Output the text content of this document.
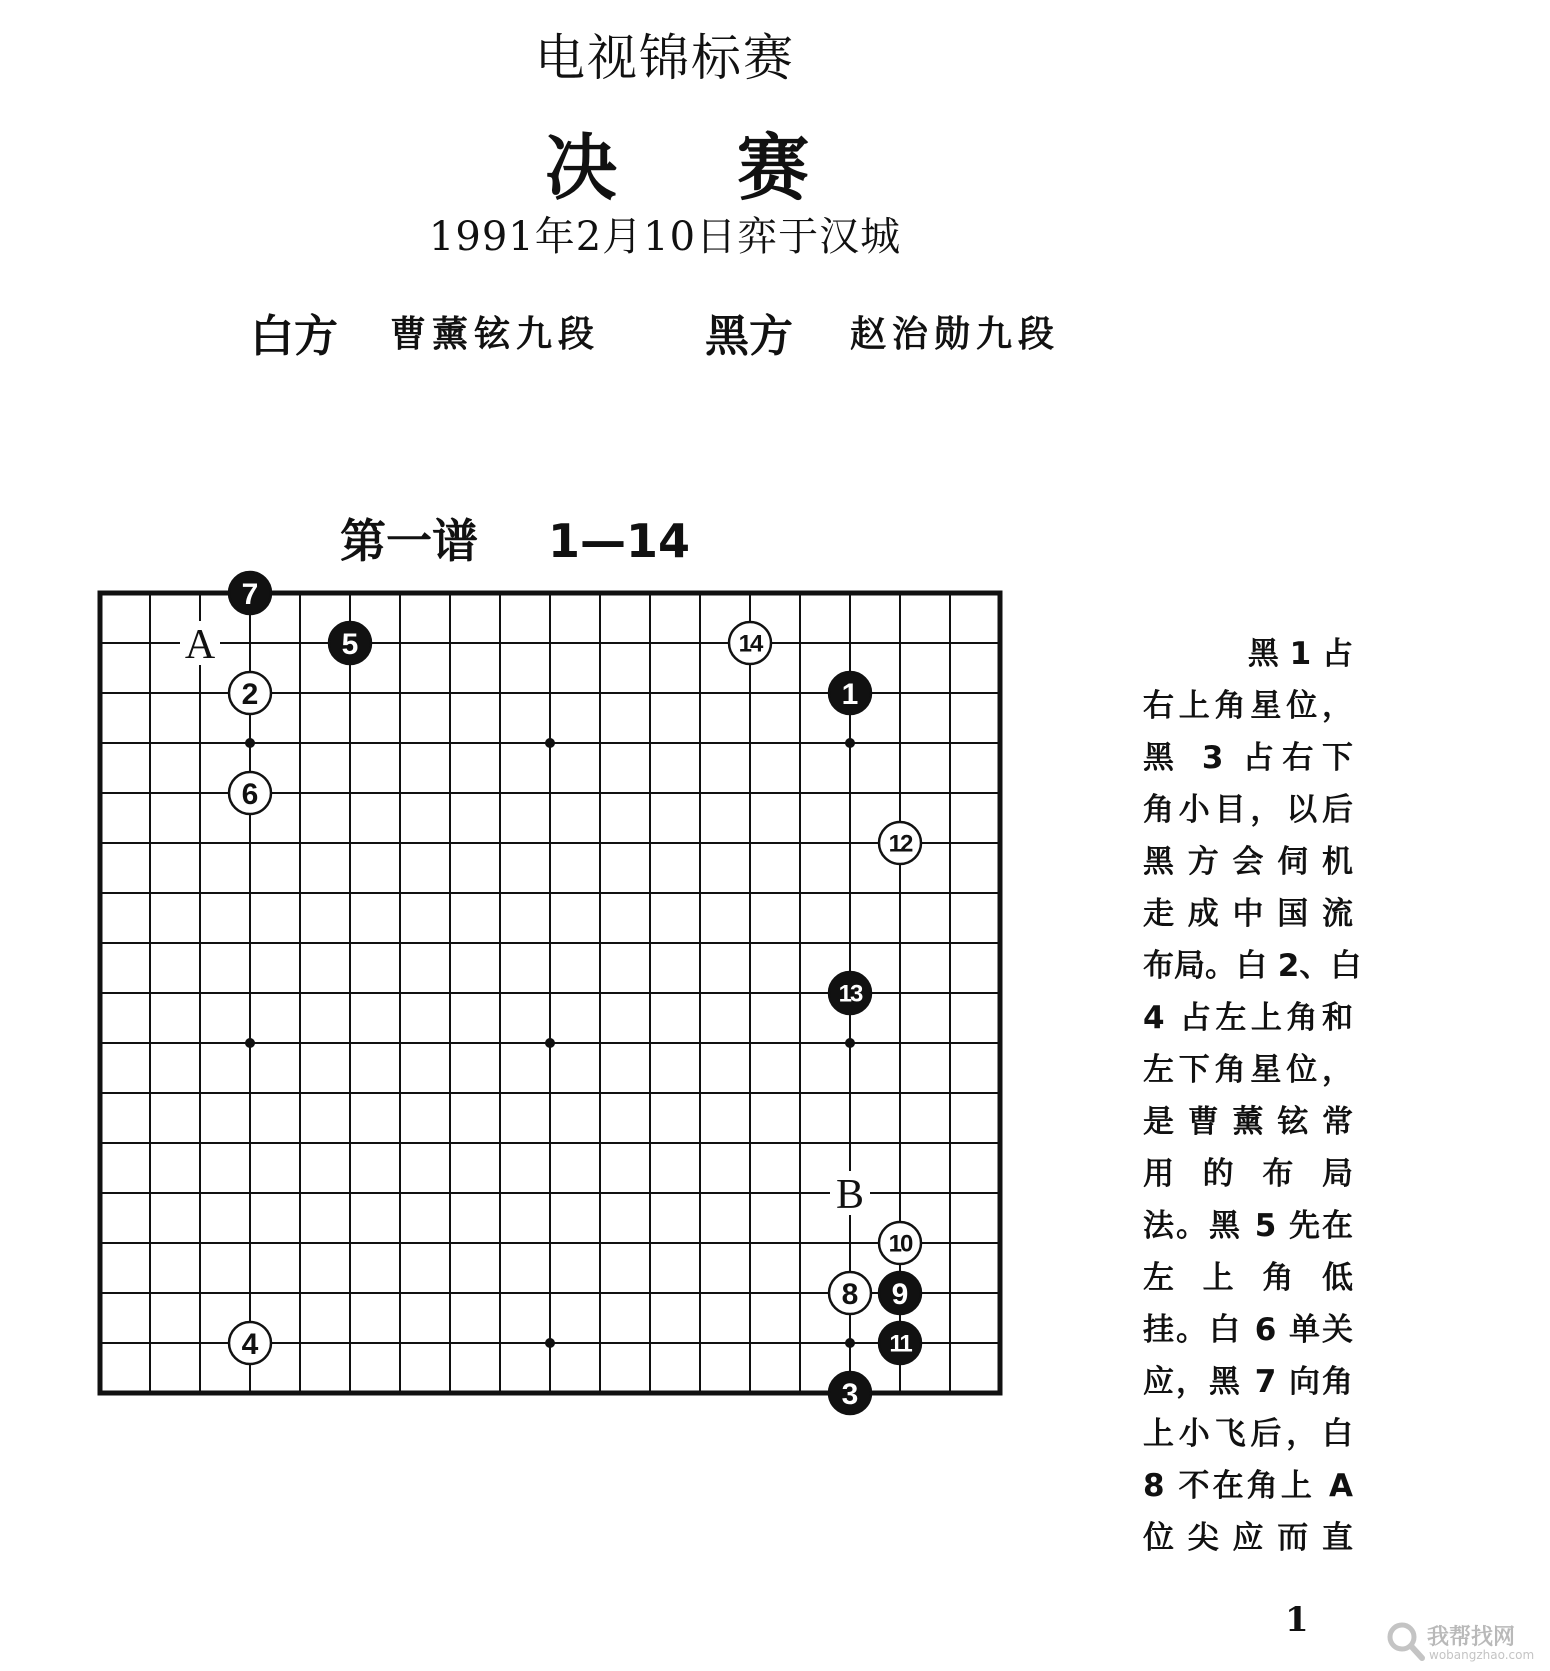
电视锦标赛
决赛
1991年2月10日弈于汉城
白方 曹薰铉九段 黑方 赵治勋九段
第一谱 1—14
A
B
1
2
3
4
5
6
7
8 9
10
11
12
13
14	黑 1 占
右上角星位，
黑 3 占右下
角小目，以后
黑方会伺机
走成中国流
布局。白 2、白
4 占左上角和
左下角星位，
是曹薰铉常
用的布局
法。黑 5 先在
左上角低
挂。白 6 单关
应，黑 7 向角
上小飞后，白
8 不在角上 A
位尖应而直
1	我帮找网
wobangzhao.com
